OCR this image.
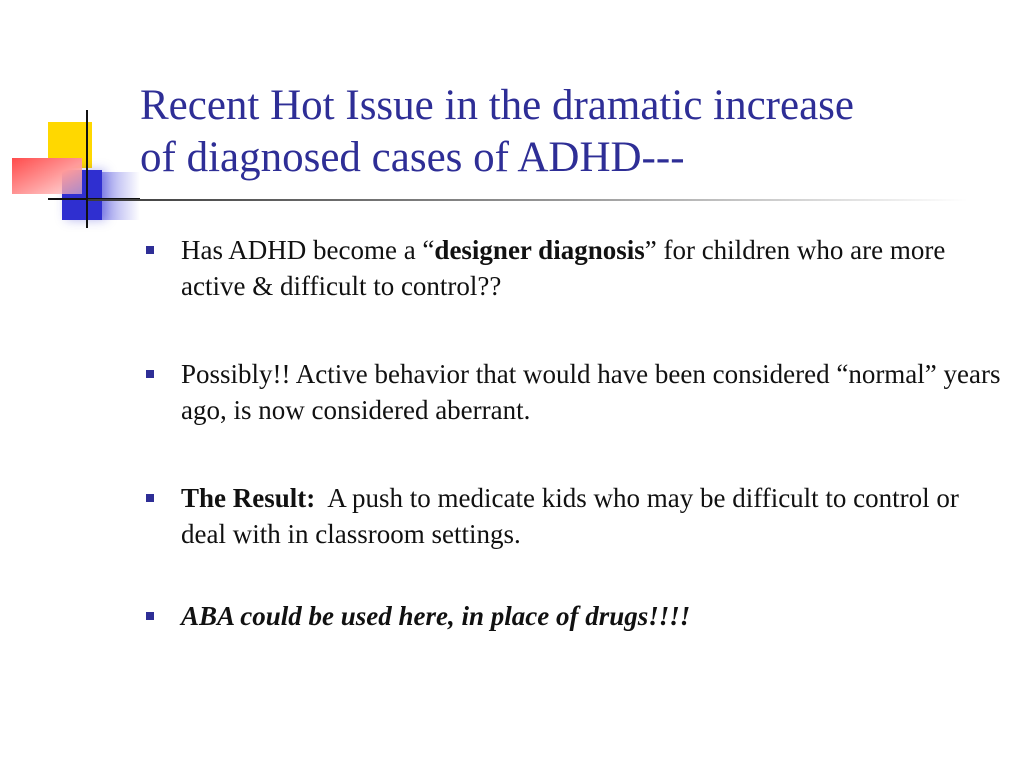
Recent Hot Issue in the dramatic increase
of diagnosed cases of ADHD---
Has ADHD become a “designer diagnosis” for children who are more active & difficult to control??
Possibly!! Active behavior that would have been considered “normal” years ago, is now considered aberrant.
The Result:  A push to medicate kids who may be difficult to control or deal with in classroom settings.
ABA could be used here, in place of drugs!!!!
